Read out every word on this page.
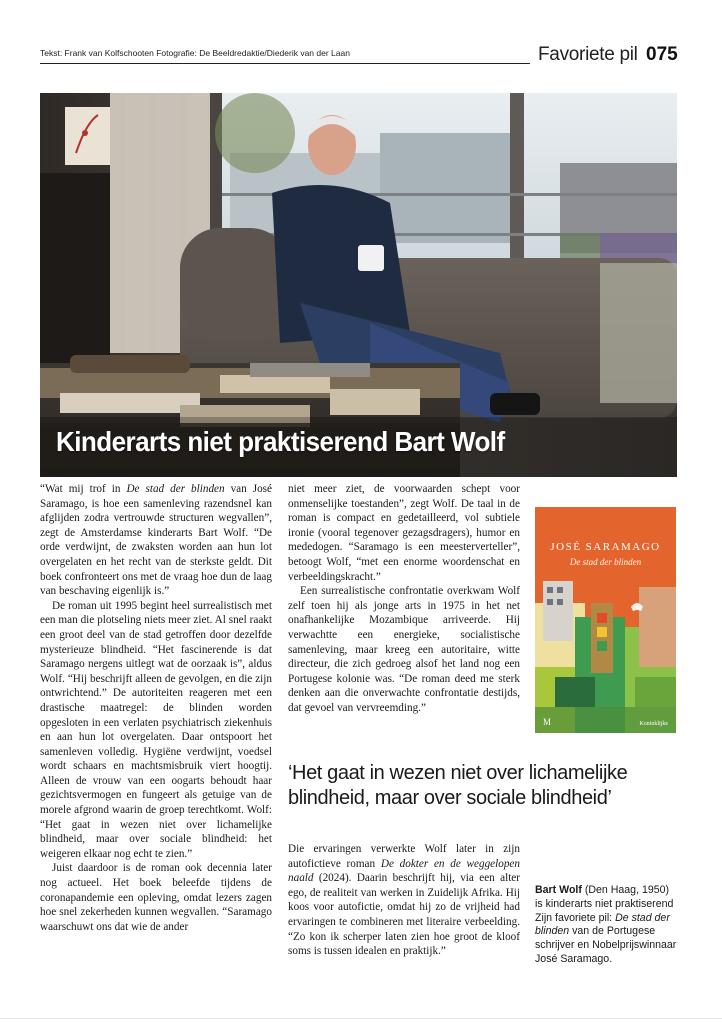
Tekst: Frank van Kolfschooten Fotografie: De Beeldredaktie/Diederik van der Laan	Favoriete pil 075
Kinderarts niet praktiserend Bart Wolf

“Wat mij trof in De stad der blinden van José Saramago, is hoe een samenleving razendsnel kan afglijden zodra vertrouwde structuren wegvallen”, zegt de Amsterdamse kinderarts Bart Wolf. “De orde verdwijnt, de zwaksten worden aan hun lot overgelaten en het recht van de sterkste geldt. Dit boek confronteert ons met de vraag hoe dun de laag van beschaving eigenlijk is.”

De roman uit 1995 begint heel surrealistisch met een man die plotseling niets meer ziet. Al snel raakt een groot deel van de stad getroffen door dezelfde mysterieuze blindheid. “Het fascinerende is dat Saramago nergens uitlegt wat de oorzaak is”, aldus Wolf. “Hij beschrijft alleen de gevolgen, en die zijn ontwrichtend.” De autoriteiten reageren met een drastische maatregel: de blinden worden opgesloten in een verlaten psychiatrisch ziekenhuis en aan hun lot overgelaten. Daar ontspoort het samenleven volledig. Hygiëne verdwijnt, voedsel wordt schaars en machtsmisbruik viert hoogtij. Alleen de vrouw van een oogarts behoudt haar gezichtsvermogen en fungeert als getuige van de morele afgrond waarin de groep terechtkomt. Wolf: “Het gaat in wezen niet over lichamelijke blindheid, maar over sociale blindheid: het weigeren elkaar nog echt te zien.”

Juist daardoor is de roman ook decennia later nog actueel. Het boek beleefde tijdens de coronapandemie een opleving, omdat lezers zagen hoe snel zekerheden kunnen wegvallen. “Saramago waarschuwt ons dat wie de ander

niet meer ziet, de voorwaarden schept voor onmenselijke toestanden”, zegt Wolf. De taal in de roman is compact en gedetailleerd, vol subtiele ironie (vooral tegenover gezagsdragers), humor en mededogen. “Saramago is een meesterverteller”, betoogt Wolf, “met een enorme woordenschat en verbeeldingskracht.”

Een surrealistische confrontatie overkwam Wolf zelf toen hij als jonge arts in 1975 in het net onafhankelijke Mozambique arriveerde. Hij verwachtte een energieke, socialistische samenleving, maar kreeg een autoritaire, witte directeur, die zich gedroeg alsof het land nog een Portugese kolonie was. “De roman deed me sterk denken aan die onverwachte confrontatie destijds, dat gevoel van vervreemding.”

M
JOSÉ SARAMAGO
De stad der blinden
Koninklijke
‘Het gaat in wezen niet over lichamelijke blindheid, maar over sociale blindheid’

Die ervaringen verwerkte Wolf later in zijn autofictieve roman De dokter en de weggelopen naald (2024). Daarin beschrijft hij, via een alter ego, de realiteit van werken in Zuidelijk Afrika. Hij koos voor autofictie, omdat hij zo de vrijheid had ervaringen te combineren met literaire verbeelding. “Zo kon ik scherper laten zien hoe groot de kloof soms is tussen idealen en praktijk.”

Bart Wolf (Den Haag, 1950)
is kinderarts niet praktiserend
Zijn favoriete pil: De stad der blinden van de Portugese schrijver en Nobelprijswinnaar José Saramago.
